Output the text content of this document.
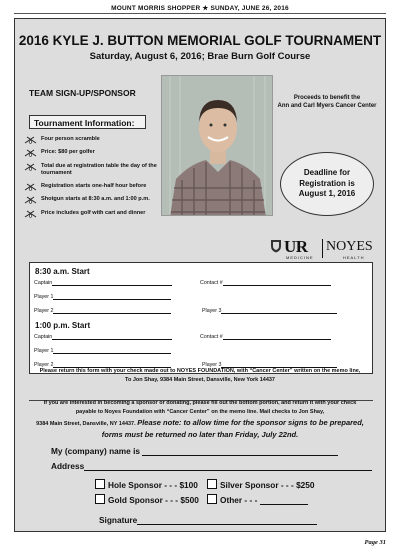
MOUNT MORRIS SHOPPER ★ SUNDAY, JUNE 26, 2016
2016 KYLE J. BUTTON MEMORIAL GOLF TOURNAMENT
Saturday, August 6, 2016; Brae Burn Golf Course
TEAM SIGN-UP/SPONSOR	Proceeds to benefit the
Ann and Carl Myers Cancer Center
Tournament Information:
Four person scramble
Price: $80 per golfer
Total due at registration table the day of the tournament
Registration starts one-half hour before
Shotgun starts at 8:30 a.m. and 1:00 p.m.
Price includes golf with cart and dinner
Deadline for
Registration is
August 1, 2016
UR NOYES
MEDICINE	HEALTH
8:30 a.m. Start
Captain	Contact #
Player 1
Player 2	Player 3
1:00 p.m. Start
Captain	Contact #
Player 1
Player 2	Player 3
Please return this form with your check made out to NOYES FOUNDATION, with “Cancer Center” written on the memo line,
To Jon Shay, 9384 Main Street, Dansville, New York 14437
If you are interested in becoming a sponsor or donating, please fill out the bottom portion, and return it with your check
payable to Noyes Foundation with “Cancer Center” on the memo line. Mail checks to Jon Shay,
9384 Main Street, Dansville, NY 14437. Please note: to allow time for the sponsor signs to be prepared,
forms must be returned no later than Friday, July 22nd.
My (company) name is
Address
Hole Sponsor - - - $100	Silver Sponsor - - - $250
Gold Sponsor - - - $500	Other - - -
Signature
Page 31
